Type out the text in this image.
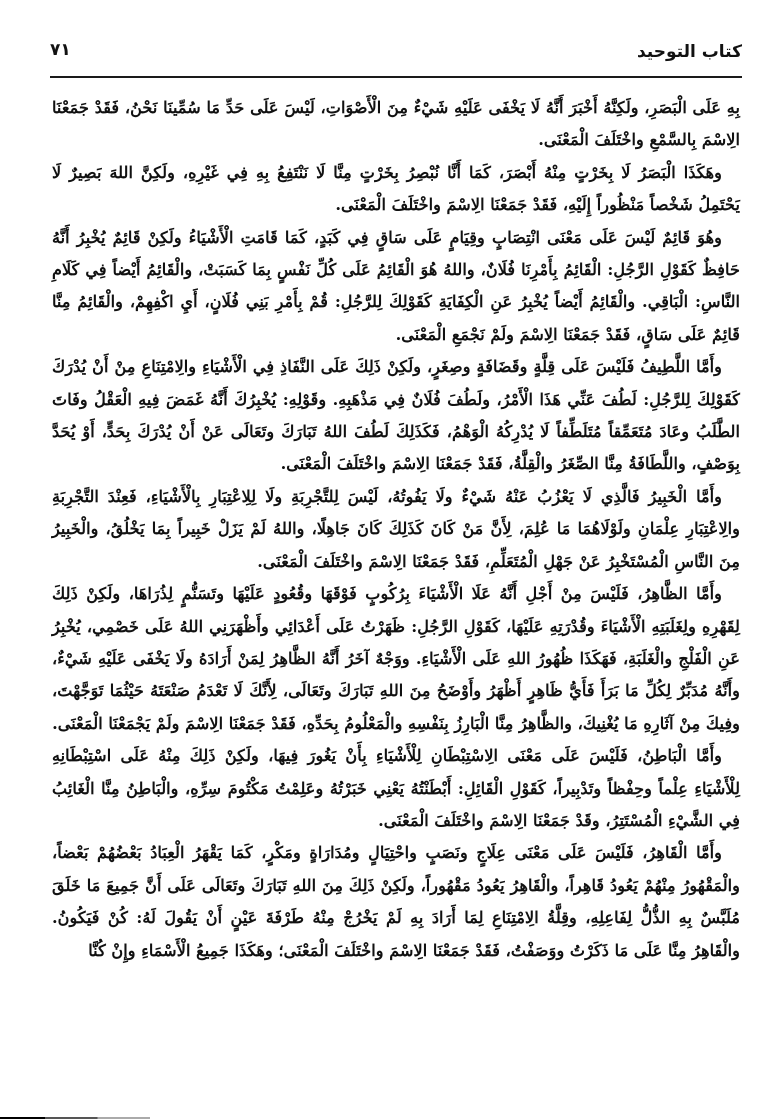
كتاب التوحيد
٧١

بِهِ عَلَى الْبَصَرِ، ولَكِنَّهُ أَخْبَرَ أَنَّهُ لَا يَخْفَى عَلَيْهِ شَيْءٌ مِنَ الْأَصْوَاتِ، لَيْسَ عَلَى حَدِّ مَا سُمِّينَا نَحْنُ، فَقَدْ جَمَعْنَا الِاسْمَ بِالسَّمْعِ واخْتَلَفَ الْمَعْنَى.

وهَكَذَا الْبَصَرُ لَا بِخَرْتٍ مِنْهُ أَبْصَرَ، كَمَا أَنَّا نُبْصِرُ بِخَرْتٍ مِنَّا لَا نَنْتَفِعُ بِهِ فِي غَيْرِهِ، ولَكِنَّ اللهَ بَصِيرٌ لَا يَحْتَمِلُ شَخْصاً مَنْظُوراً إِلَيْهِ، فَقَدْ جَمَعْنَا الِاسْمَ واخْتَلَفَ الْمَعْنَى.

وهُوَ قَائِمٌ لَيْسَ عَلَى مَعْنَى انْتِصَابٍ وقِيَامٍ عَلَى سَاقٍ فِي كَبَدٍ، كَمَا قَامَتِ الْأَشْيَاءُ ولَكِنْ قَائِمٌ يُخْبِرُ أَنَّهُ حَافِظٌ كَقَوْلِ الرَّجُلِ: الْقَائِمُ بِأَمْرِنَا فُلَانٌ، واللهُ هُوَ الْقَائِمُ عَلَى كُلِّ نَفْسٍ بِمَا كَسَبَتْ، والْقَائِمُ أَيْضاً فِي كَلَامِ النَّاسِ: الْبَاقِي. والْقَائِمُ أَيْضاً يُخْبِرُ عَنِ الْكِفَايَةِ كَقَوْلِكَ لِلرَّجُلِ: قُمْ بِأَمْرِ بَنِي فُلَانٍ، أَيِ اكْفِهِمْ، والْقَائِمُ مِنَّا قَائِمٌ عَلَى سَاقٍ، فَقَدْ جَمَعْنَا الِاسْمَ ولَمْ نَجْمَعِ الْمَعْنَى.

وأَمَّا اللَّطِيفُ فَلَيْسَ عَلَى قِلَّةٍ وقَضَافَةٍ وصِغَرٍ، ولَكِنْ ذَلِكَ عَلَى النَّفَاذِ فِي الْأَشْيَاءِ والِامْتِنَاعِ مِنْ أَنْ يُدْرَكَ كَقَوْلِكَ لِلرَّجُلِ: لَطُفَ عَنِّي هَذَا الْأَمْرُ، ولَطُفَ فُلَانٌ فِي مَذْهَبِهِ. وقَوْلِهِ: يُخْبِرُكَ أَنَّهُ غَمَضَ فِيهِ الْعَقْلُ وفَاتَ الطَّلَبُ وعَادَ مُتَعَمِّقاً مُتَلَطِّفاً لَا يُدْرِكُهُ الْوَهْمُ، فَكَذَلِكَ لَطُفَ اللهُ تَبَارَكَ وتَعَالَى عَنْ أَنْ يُدْرَكَ بِحَدٍّ، أَوْ يُحَدَّ بِوَصْفٍ، واللَّطَافَةُ مِنَّا الصِّغَرُ والْقِلَّةُ، فَقَدْ جَمَعْنَا الِاسْمَ واخْتَلَفَ الْمَعْنَى.

وأَمَّا الْخَبِيرُ فَالَّذِي لَا يَعْزُبُ عَنْهُ شَيْءٌ ولَا يَفُوتُهُ، لَيْسَ لِلتَّجْرِبَةِ ولَا لِلِاعْتِبَارِ بِالْأَشْيَاءِ، فَعِنْدَ التَّجْرِبَةِ والِاعْتِبَارِ عِلْمَانِ ولَوْلَاهُمَا مَا عُلِمَ، لِأَنَّ مَنْ كَانَ كَذَلِكَ كَانَ جَاهِلًا، واللهُ لَمْ يَزَلْ خَبِيراً بِمَا يَخْلُقُ، والْخَبِيرُ مِنَ النَّاسِ الْمُسْتَخْبِرُ عَنْ جَهْلِ الْمُتَعَلِّمِ، فَقَدْ جَمَعْنَا الِاسْمَ واخْتَلَفَ الْمَعْنَى.

وأَمَّا الظَّاهِرُ، فَلَيْسَ مِنْ أَجْلِ أَنَّهُ عَلَا الْأَشْيَاءَ بِرُكُوبٍ فَوْقَهَا وقُعُودٍ عَلَيْهَا وتَسَنُّمٍ لِذُرَاهَا، ولَكِنْ ذَلِكَ لِقَهْرِهِ ولِغَلَبَتِهِ الْأَشْيَاءَ وقُدْرَتِهِ عَلَيْهَا، كَقَوْلِ الرَّجُلِ: ظَهَرْتُ عَلَى أَعْدَائِي وأَظْهَرَنِي اللهُ عَلَى خَصْمِي، يُخْبِرُ عَنِ الْفَلْجِ والْغَلَبَةِ، فَهَكَذَا ظُهُورُ اللهِ عَلَى الْأَشْيَاءِ. ووَجْهٌ آخَرُ أَنَّهُ الظَّاهِرُ لِمَنْ أَرَادَهُ ولَا يَخْفَى عَلَيْهِ شَيْءٌ، وأَنَّهُ مُدَبِّرٌ لِكُلِّ مَا بَرَأَ فَأَيُّ ظَاهِرٍ أَظْهَرُ وأَوْضَحُ مِنَ اللهِ تَبَارَكَ وتَعَالَى، لِأَنَّكَ لَا تَعْدَمُ صَنْعَتَهُ حَيْثُمَا تَوَجَّهْتَ، وفِيكَ مِنْ آثَارِهِ مَا يُغْنِيكَ، والظَّاهِرُ مِنَّا الْبَارِزُ بِنَفْسِهِ والْمَعْلُومُ بِحَدِّهِ، فَقَدْ جَمَعْنَا الِاسْمَ ولَمْ يَجْمَعْنَا الْمَعْنَى.

وأَمَّا الْبَاطِنُ، فَلَيْسَ عَلَى مَعْنَى الِاسْتِبْطَانِ لِلْأَشْيَاءِ بِأَنْ يَغُورَ فِيهَا، ولَكِنْ ذَلِكَ مِنْهُ عَلَى اسْتِبْطَانِهِ لِلْأَشْيَاءِ عِلْماً وحِفْظاً وتَدْبِيراً، كَقَوْلِ الْقَائِلِ: أَبْطَنْتُهُ يَعْنِي خَبَرْتُهُ وعَلِمْتُ مَكْتُومَ سِرِّهِ، والْبَاطِنُ مِنَّا الْغَائِبُ فِي الشَّيْءِ الْمُسْتَتِرُ، وقَدْ جَمَعْنَا الِاسْمَ واخْتَلَفَ الْمَعْنَى.

وأَمَّا الْقَاهِرُ، فَلَيْسَ عَلَى مَعْنَى عِلَاجٍ ونَصَبٍ واحْتِيَالٍ ومُدَارَاةٍ ومَكْرٍ، كَمَا يَقْهَرُ الْعِبَادُ بَعْضُهُمْ بَعْضاً، والْمَقْهُورُ مِنْهُمْ يَعُودُ قَاهِراً، والْقَاهِرُ يَعُودُ مَقْهُوراً، ولَكِنْ ذَلِكَ مِنَ اللهِ تَبَارَكَ وتَعَالَى عَلَى أَنَّ جَمِيعَ مَا خَلَقَ مُلَبَّسٌ بِهِ الذُّلُّ لِفَاعِلِهِ، وقِلَّةُ الِامْتِنَاعِ لِمَا أَرَادَ بِهِ لَمْ يَخْرُجْ مِنْهُ طَرْفَةَ عَيْنٍ أَنْ يَقُولَ لَهُ: كُنْ فَيَكُونُ. والْقَاهِرُ مِنَّا عَلَى مَا ذَكَرْتُ ووَصَفْتُ، فَقَدْ جَمَعْنَا الِاسْمَ واخْتَلَفَ الْمَعْنَى؛ وهَكَذَا جَمِيعُ الْأَسْمَاءِ وإِنْ كُنَّا
